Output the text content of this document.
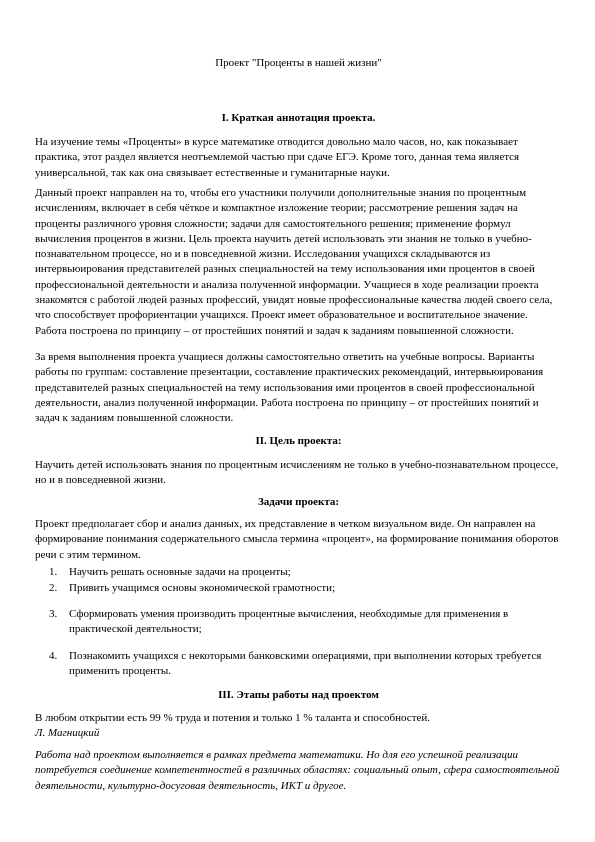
Проект "Проценты в нашей жизни"
I. Краткая аннотация проекта.

На изучение темы «Проценты» в курсе математике отводится довольно мало часов, но, как показывает практика, этот раздел является неотъемлемой частью при сдаче ЕГЭ. Кроме того, данная тема является универсальной, так как она связывает естественные и гуманитарные науки.

Данный проект направлен на то, чтобы его участники получили дополнительные знания по процентным исчислениям, включает в себя чёткое и компактное изложение теории; рассмотрение решения задач на проценты различного уровня сложности; задачи для самостоятельного решения; применение формул вычисления процентов в жизни. Цель проекта научить детей использовать эти знания не только в учебно-познавательном процессе, но и в повседневной жизни. Исследования учащихся складываются из интервьюирования представителей разных специальностей на тему использования ими процентов в своей профессиональной деятельности и анализа полученной информации. Учащиеся в ходе реализации проекта знакомятся с работой людей разных профессий, увидят новые профессиональные качества людей своего села, что способствует профориентации учащихся. Проект имеет образовательное и воспитательное значение. Работа построена по принципу – от простейших понятий и задач к заданиям повышенной сложности.

За время выполнения проекта учащиеся должны самостоятельно ответить на учебные вопросы. Варианты работы по группам: составление презентации, составление практических рекомендаций, интервьюирования представителей разных специальностей на тему использования ими процентов в своей профессиональной деятельности, анализ полученной информации. Работа построена по принципу – от простейших понятий и задач к заданиям повышенной сложности.

II. Цель проекта:

Научить детей использовать знания по процентным исчислениям не только в учебно-познавательном процессе, но и в повседневной жизни.

Задачи проекта:

Проект предполагает сбор и анализ данных, их представление в четком визуальном виде. Он направлен на формирование понимания содержательного смысла термина «процент», на формирование понимания оборотов речи с этим термином.

1. Научить решать основные задачи на проценты;
2. Привить учащимся основы экономической грамотности;
3. Сформировать умения производить процентные вычисления, необходимые для применения в практической деятельности;
4. Познакомить учащихся с некоторыми банковскими операциями, при выполнении которых требуется применить проценты.
III. Этапы работы над проектом

В любом открытии есть 99 % труда и потения и только 1 % таланта и способностей.

Л. Магницкий

Работа над проектом выполняется в рамках предмета математики. Но для его успешной реализации потребуется соединение компетентностей в различных областях: социальный опыт, сфера самостоятельной деятельности, культурно-досуговая деятельность, ИКТ и другое.
